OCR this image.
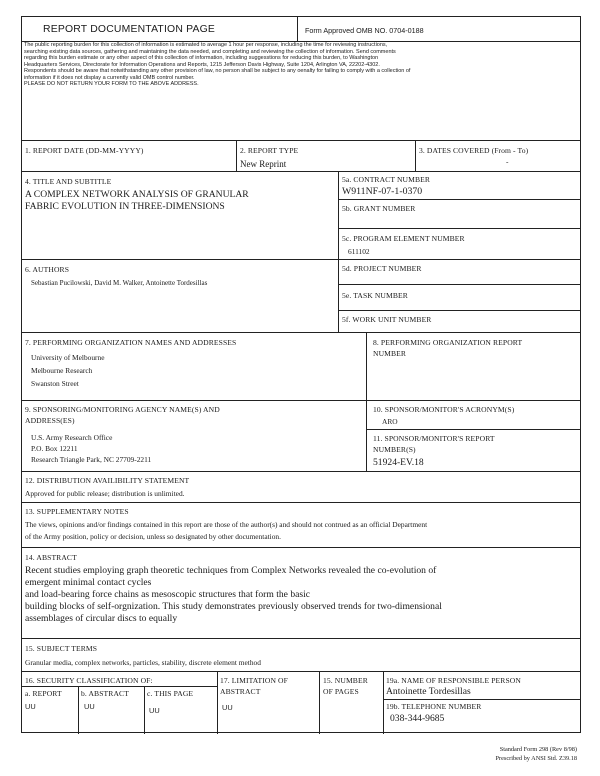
REPORT DOCUMENTATION PAGE	Form Approved OMB NO. 0704-0188
The public reporting burden for this collection of information is estimated to average 1 hour per response, including the time for reviewing instructions,
searching existing data sources, gathering and maintaining the data needed, and completing and reviewing the collection of information. Send comments
regarding this burden estimate or any other aspect of this collection of information, including suggesstions for reducing this burden, to Washington
Headquarters Services, Directorate for Information Operations and Reports, 1215 Jefferson Davis Highway, Suite 1204, Arlington VA, 22202-4302.
Respondents should be aware that notwithstanding any other provision of law, no person shall be subject to any oenalty for failing to comply with a collection of
information if it does not display a currently valid OMB control number.
PLEASE DO NOT RETURN YOUR FORM TO THE ABOVE ADDRESS.
1. REPORT DATE (DD-MM-YYYY)	2. REPORT TYPE
New Reprint
3. DATES COVERED (From - To)
-
4. TITLE AND SUBTITLE
A COMPLEX NETWORK ANALYSIS OF GRANULAR
FABRIC EVOLUTION IN THREE-DIMENSIONS
5a. CONTRACT NUMBER
W911NF-07-1-0370
5b. GRANT NUMBER
5c. PROGRAM ELEMENT NUMBER
611102
6. AUTHORS
Sebastian Pucilowski, David M. Walker, Antoinette Tordesillas
5d. PROJECT NUMBER
5e. TASK NUMBER
5f. WORK UNIT NUMBER
7. PERFORMING ORGANIZATION NAMES AND ADDRESSES
University of Melbourne
Melbourne Research
Swanston Street
8. PERFORMING ORGANIZATION REPORT
NUMBER
9. SPONSORING/MONITORING AGENCY NAME(S) AND
ADDRESS(ES)
U.S. Army Research Office
P.O. Box 12211
Research Triangle Park, NC 27709-2211
10. SPONSOR/MONITOR'S ACRONYM(S)
ARO
11. SPONSOR/MONITOR'S REPORT
NUMBER(S)
51924-EV.18
12. DISTRIBUTION AVAILIBILITY STATEMENT
Approved for public release; distribution is unlimited.
13. SUPPLEMENTARY NOTES
The views, opinions and/or findings contained in this report are those of the author(s) and should not contrued as an official Department
of the Army position, policy or decision, unless so designated by other documentation.
14. ABSTRACT
Recent studies employing graph theoretic techniques from Complex Networks revealed the co-evolution of
emergent minimal contact cycles
and load-bearing force chains as mesoscopic structures that form the basic
building blocks of self-orgnization. This study demonstrates previously observed trends for two-dimensional
assemblages of circular discs to equally
15. SUBJECT TERMS
Granular media, complex networks, particles, stability, discrete element method
16. SECURITY CLASSIFICATION OF:
a. REPORT
UU
b. ABSTRACT
UU
c. THIS PAGE
UU
17. LIMITATION OF
ABSTRACT
UU
15. NUMBER
OF PAGES
19a. NAME OF RESPONSIBLE PERSON
Antoinette Tordesillas
19b. TELEPHONE NUMBER
038-344-9685
Standard Form 298 (Rev 8/98)
Prescribed by ANSI Std. Z39.18
